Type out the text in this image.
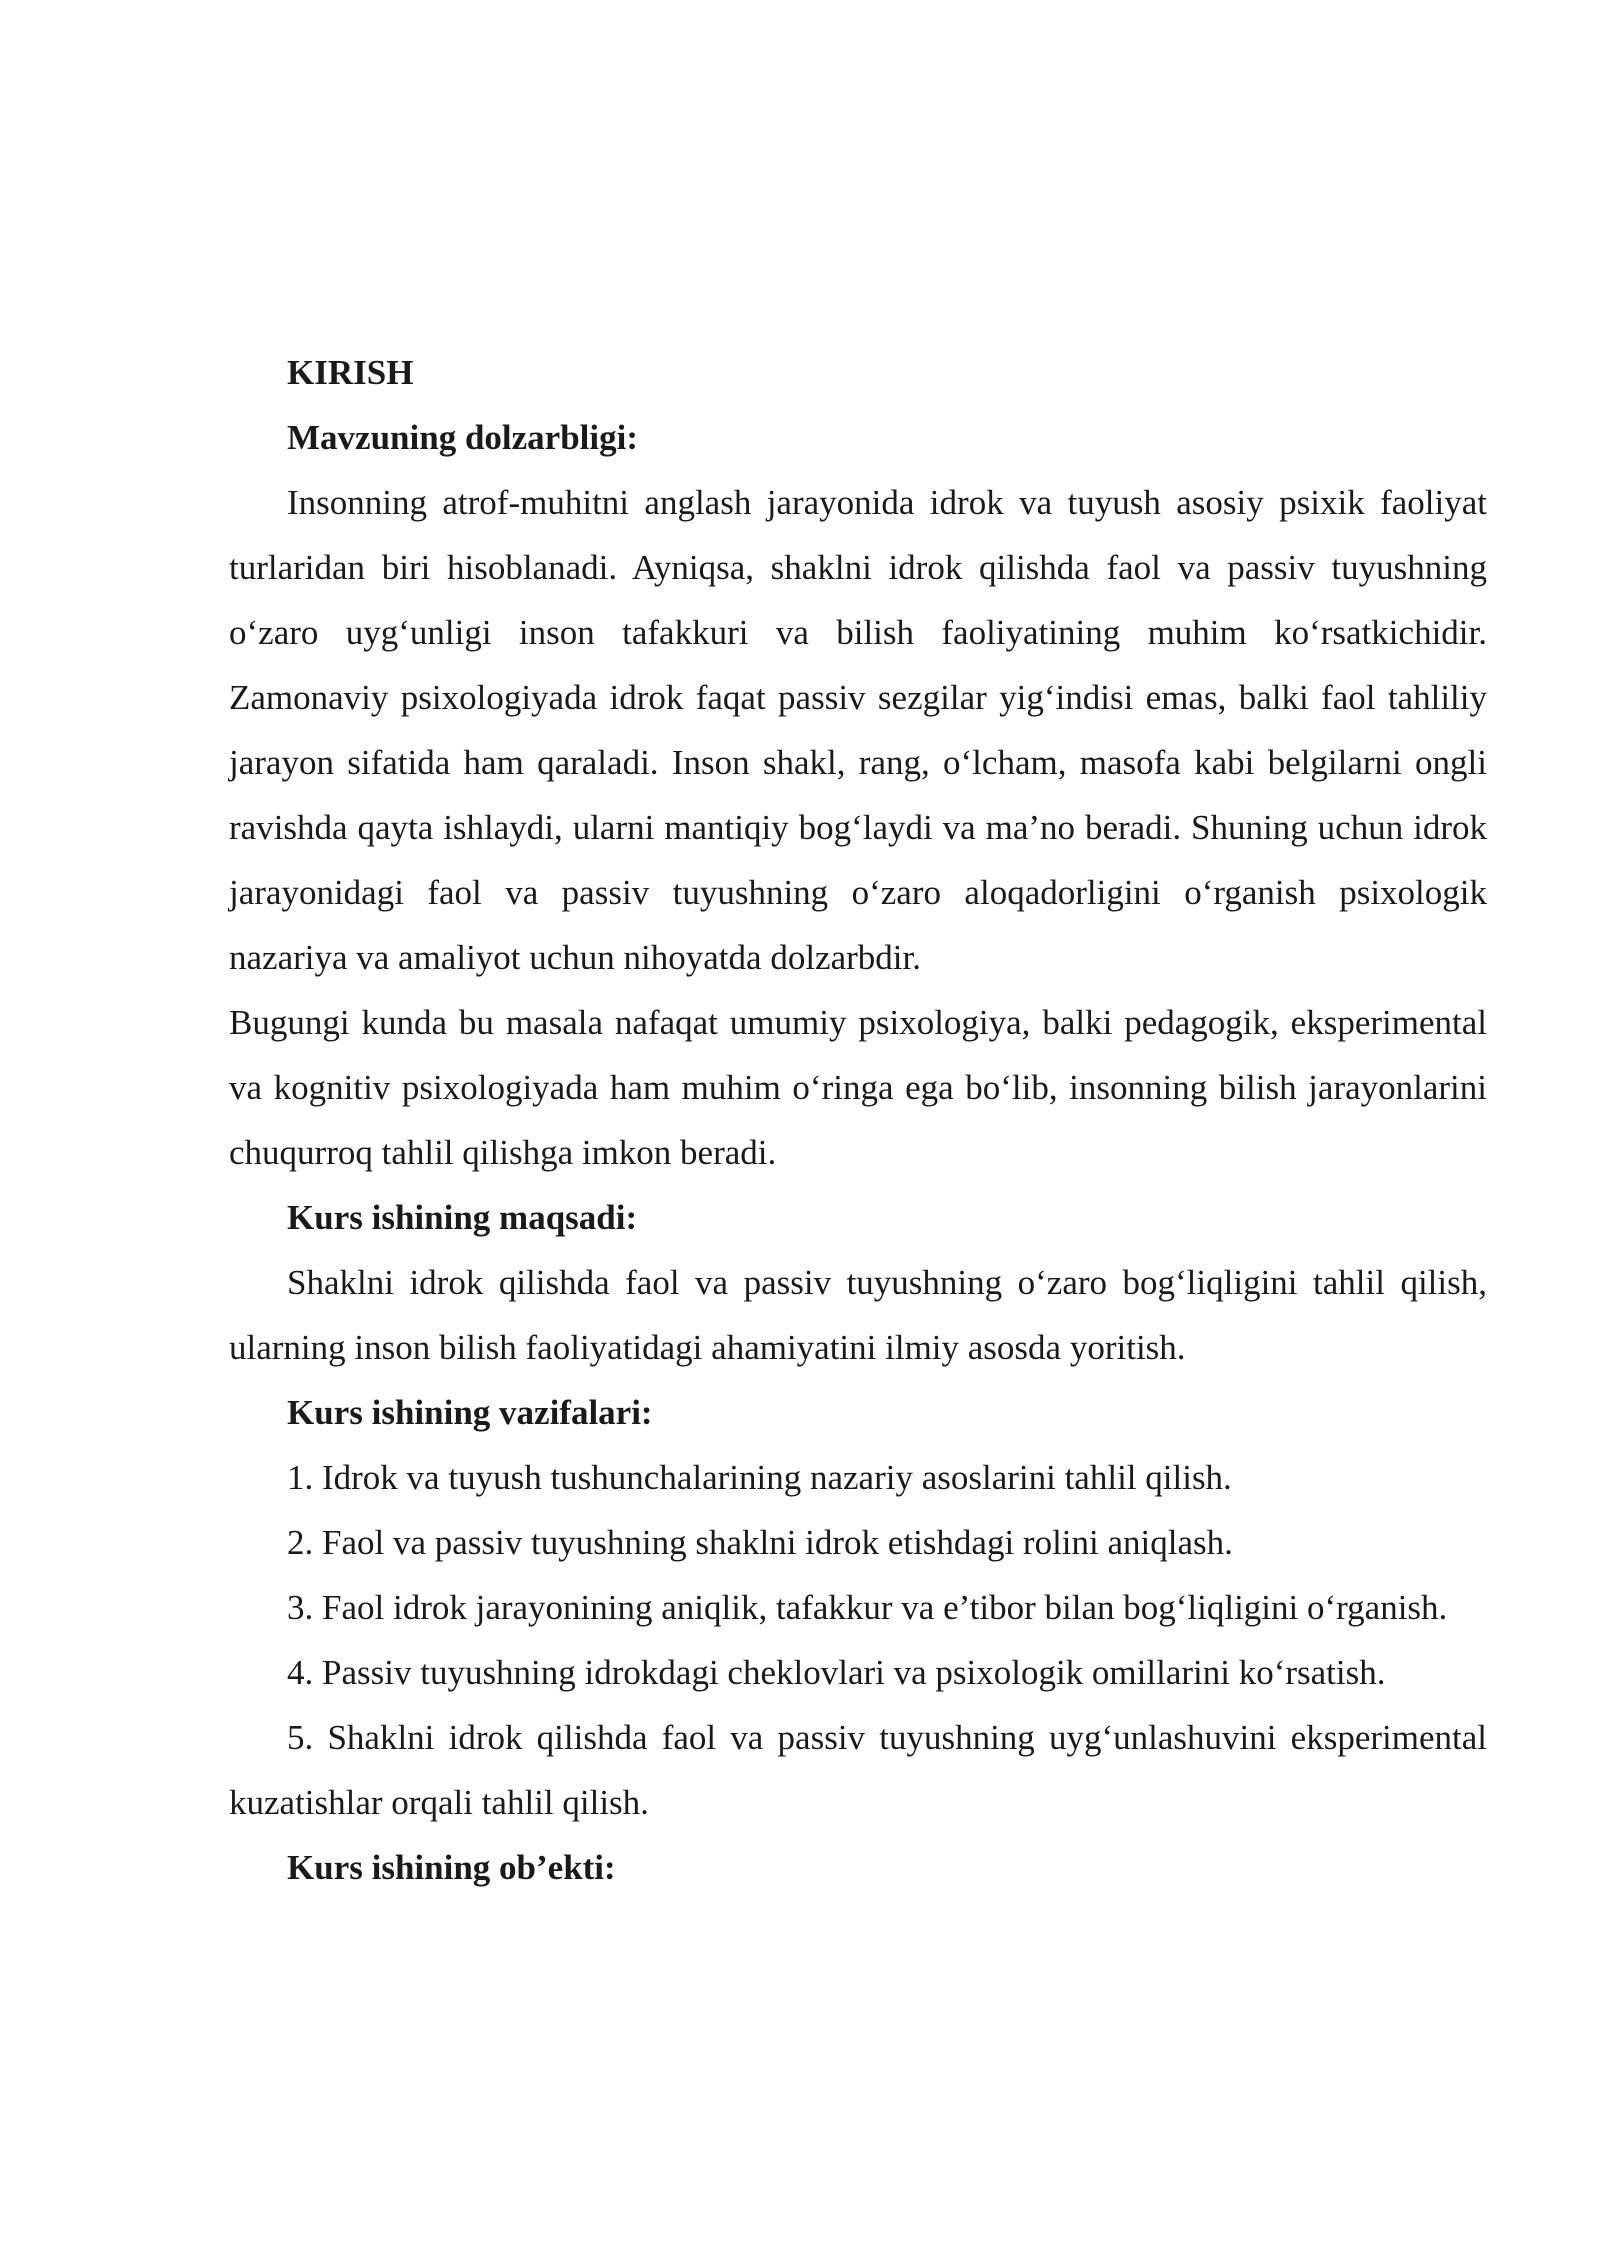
KIRISH

Mavzuning dolzarbligi:

Insonning atrof-muhitni anglash jarayonida idrok va tuyush asosiy psixik faoliyat turlaridan biri hisoblanadi. Ayniqsa, shaklni idrok qilishda faol va passiv tuyushning o‘zaro uyg‘unligi inson tafakkuri va bilish faoliyatining muhim ko‘rsatkichidir. Zamonaviy psixologiyada idrok faqat passiv sezgilar yig‘indisi emas, balki faol tahliliy jarayon sifatida ham qaraladi. Inson shakl, rang, o‘lcham, masofa kabi belgilarni ongli ravishda qayta ishlaydi, ularni mantiqiy bog‘laydi va ma’no beradi. Shuning uchun idrok jarayonidagi faol va passiv tuyushning o‘zaro aloqadorligini o‘rganish psixologik nazariya va amaliyot uchun nihoyatda dolzarbdir.

Bugungi kunda bu masala nafaqat umumiy psixologiya, balki pedagogik, eksperimental va kognitiv psixologiyada ham muhim o‘ringa ega bo‘lib, insonning bilish jarayonlarini chuqurroq tahlil qilishga imkon beradi.

Kurs ishining maqsadi:

Shaklni idrok qilishda faol va passiv tuyushning o‘zaro bog‘liqligini tahlil qilish, ularning inson bilish faoliyatidagi ahamiyatini ilmiy asosda yoritish.

Kurs ishining vazifalari:

1. Idrok va tuyush tushunchalarining nazariy asoslarini tahlil qilish.

2. Faol va passiv tuyushning shaklni idrok etishdagi rolini aniqlash.

3. Faol idrok jarayonining aniqlik, tafakkur va e’tibor bilan bog‘liqligini o‘rganish.

4. Passiv tuyushning idrokdagi cheklovlari va psixologik omillarini ko‘rsatish.

5. Shaklni idrok qilishda faol va passiv tuyushning uyg‘unlashuvini eksperimental kuzatishlar orqali tahlil qilish.

Kurs ishining ob’ekti:
